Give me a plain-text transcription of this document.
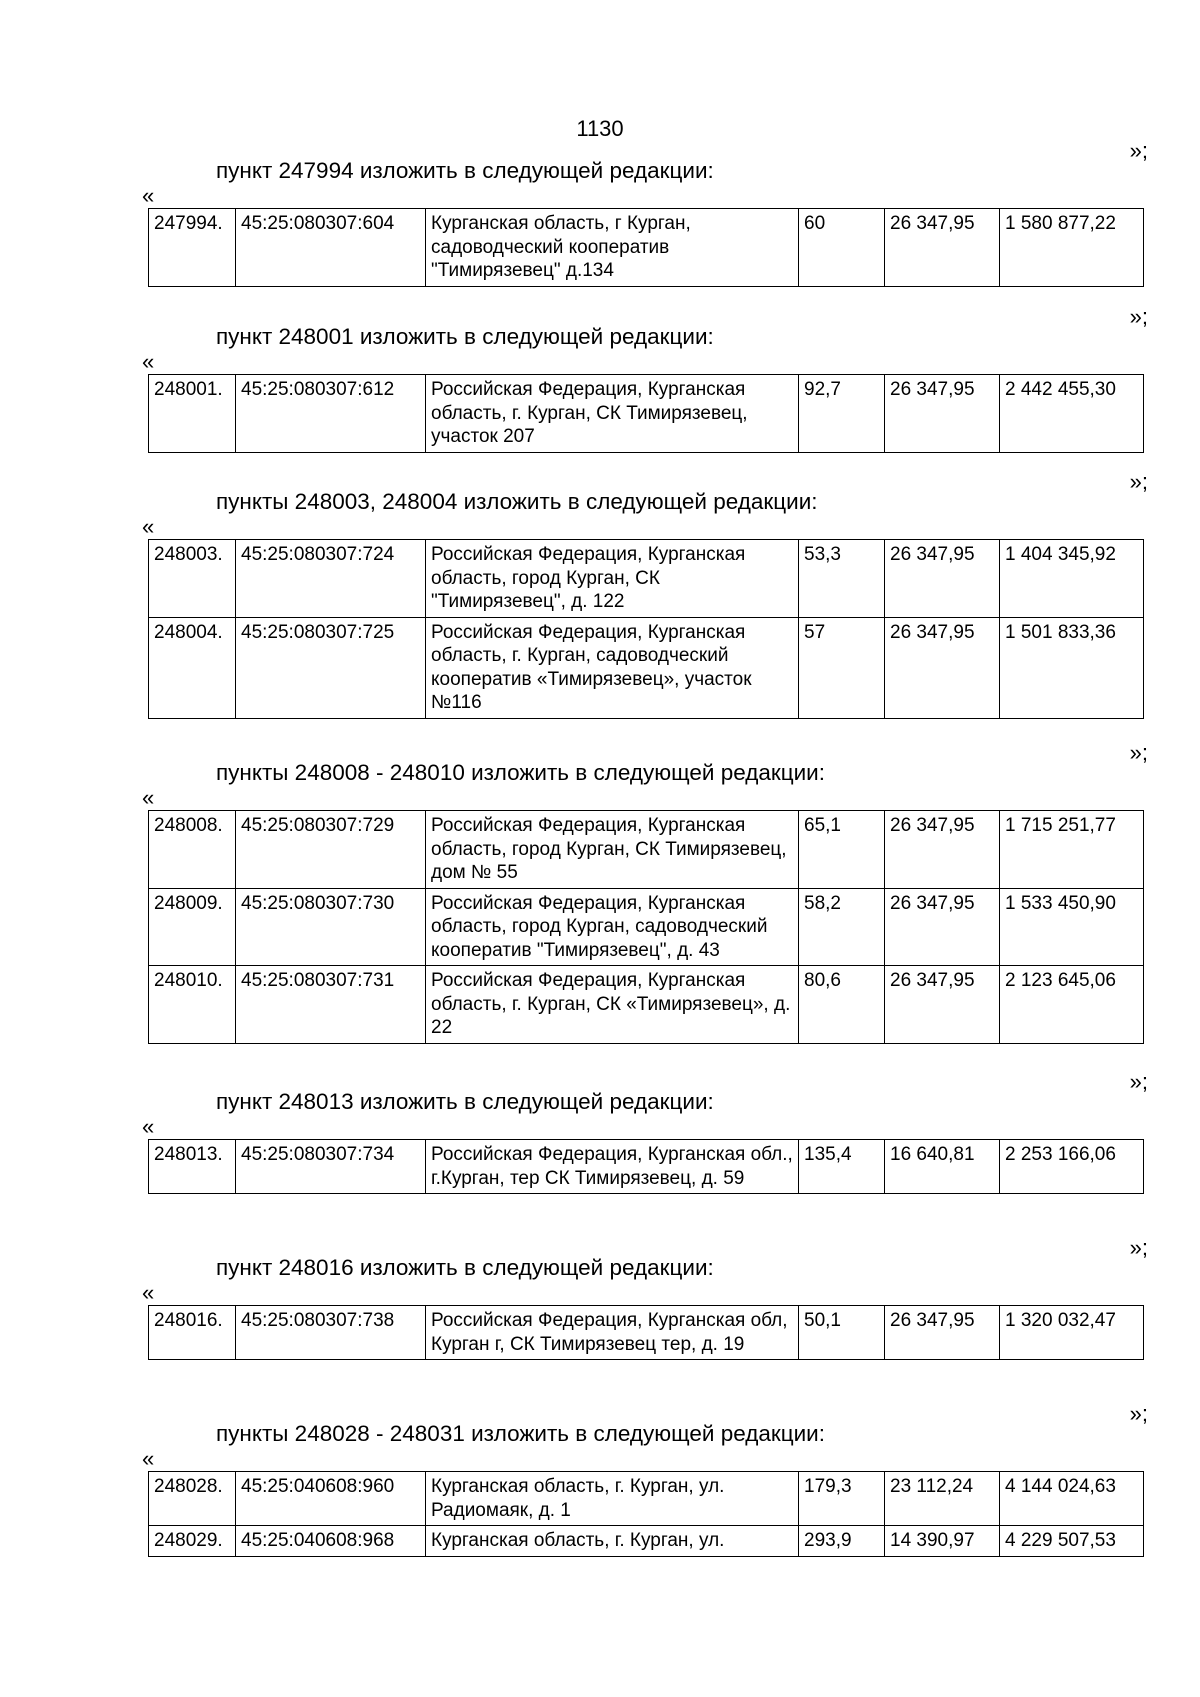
1130
»;
пункт 247994 изложить в следующей редакции:
«
247994.	45:25:080307:604	Курганская область, г Курган, садоводческий кооператив "Тимирязевец" д.134	60	26 347,95	1 580 877,22
»;
пункт 248001 изложить в следующей редакции:
«
248001.	45:25:080307:612	Российская Федерация, Курганская область, г. Курган, СК Тимирязевец, участок 207	92,7	26 347,95	2 442 455,30
»;
пункты 248003, 248004 изложить в следующей редакции:
«
248003.	45:25:080307:724	Российская Федерация, Курганская область, город Курган, СК "Тимирязевец", д. 122	53,3	26 347,95	1 404 345,92
248004.	45:25:080307:725	Российская Федерация, Курганская область, г. Курган, садоводческий кооператив «Тимирязевец», участок №116	57	26 347,95	1 501 833,36
»;
пункты 248008 - 248010 изложить в следующей редакции:
«
248008.	45:25:080307:729	Российская Федерация, Курганская область, город Курган, СК Тимирязевец, дом № 55	65,1	26 347,95	1 715 251,77
248009.	45:25:080307:730	Российская Федерация, Курганская область, город Курган, садоводческий кооператив "Тимирязевец", д. 43	58,2	26 347,95	1 533 450,90
248010.	45:25:080307:731	Российская Федерация, Курганская область, г. Курган, СК «Тимирязевец», д. 22	80,6	26 347,95	2 123 645,06
»;
пункт 248013 изложить в следующей редакции:
«
248013.	45:25:080307:734	Российская Федерация, Курганская обл., г.Курган, тер СК Тимирязевец, д. 59	135,4	16 640,81	2 253 166,06
»;
пункт 248016 изложить в следующей редакции:
«
248016.	45:25:080307:738	Российская Федерация, Курганская обл, Курган г, СК Тимирязевец тер, д. 19	50,1	26 347,95	1 320 032,47
»;
пункты 248028 - 248031 изложить в следующей редакции:
«
248028.	45:25:040608:960	Курганская область, г. Курган, ул. Радиомаяк, д. 1	179,3	23 112,24	4 144 024,63
248029.	45:25:040608:968	Курганская область, г. Курган, ул.	293,9	14 390,97	4 229 507,53
